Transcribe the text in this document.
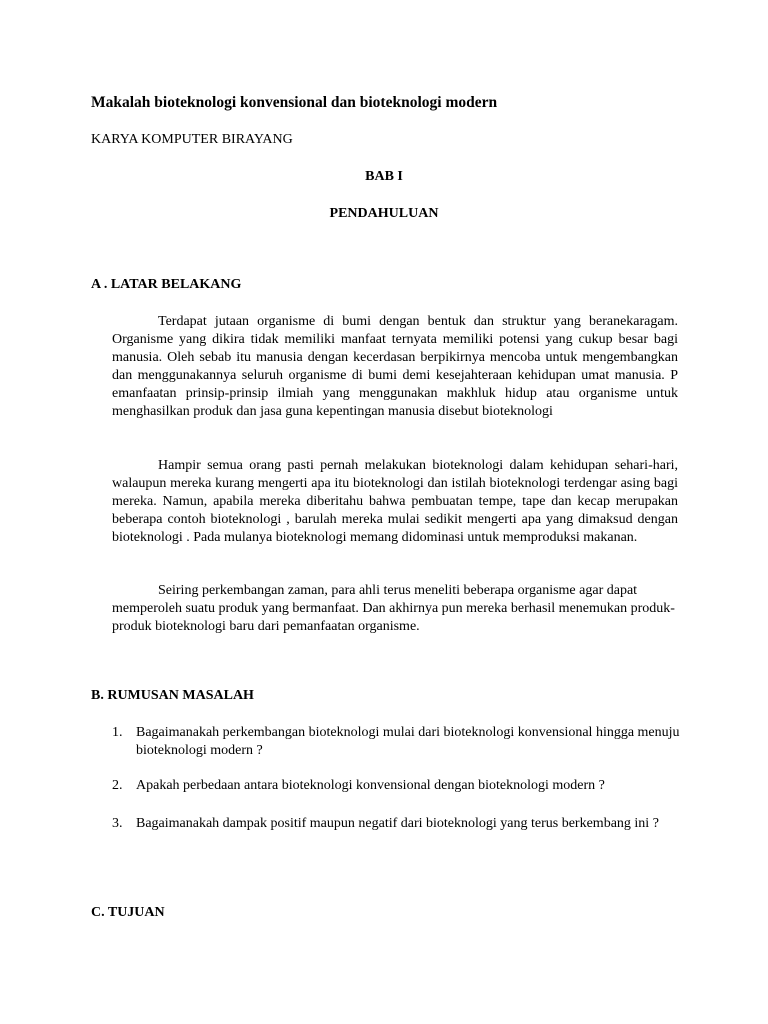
Makalah bioteknologi konvensional dan bioteknologi modern

KARYA KOMPUTER BIRAYANG

BAB I

PENDAHULUAN

A . LATAR BELAKANG

Terdapat jutaan organisme di bumi dengan bentuk dan struktur yang beranekaragam. Organisme yang dikira tidak memiliki manfaat ternyata memiliki potensi yang cukup besar bagi manusia. Oleh sebab itu manusia dengan kecerdasan berpikirnya mencoba untuk mengembangkan dan menggunakannya seluruh organisme di bumi demi kesejahteraan kehidupan umat manusia. P emanfaatan prinsip-prinsip ilmiah yang menggunakan makhluk hidup atau organisme untuk menghasilkan produk dan jasa guna kepentingan manusia disebut bioteknologi

Hampir semua orang pasti pernah melakukan bioteknologi dalam kehidupan sehari-hari, walaupun mereka kurang mengerti apa itu bioteknologi dan istilah bioteknologi terdengar asing bagi mereka. Namun, apabila mereka diberitahu bahwa pembuatan tempe, tape dan kecap merupakan beberapa contoh bioteknologi , barulah mereka mulai sedikit mengerti apa yang dimaksud dengan bioteknologi . Pada mulanya bioteknologi memang didominasi untuk memproduksi makanan.

Seiring perkembangan zaman, para ahli terus meneliti beberapa organisme agar dapat memperoleh suatu produk yang bermanfaat. Dan akhirnya pun mereka berhasil menemukan produk-produk bioteknologi baru dari pemanfaatan organisme.

B. RUMUSAN MASALAH
1. Bagaimanakah perkembangan bioteknologi mulai dari bioteknologi konvensional hingga menuju bioteknologi modern ?
2. Apakah perbedaan antara bioteknologi konvensional dengan bioteknologi modern ?
3. Bagaimanakah dampak positif maupun negatif dari bioteknologi yang terus berkembang ini ?
C. TUJUAN
